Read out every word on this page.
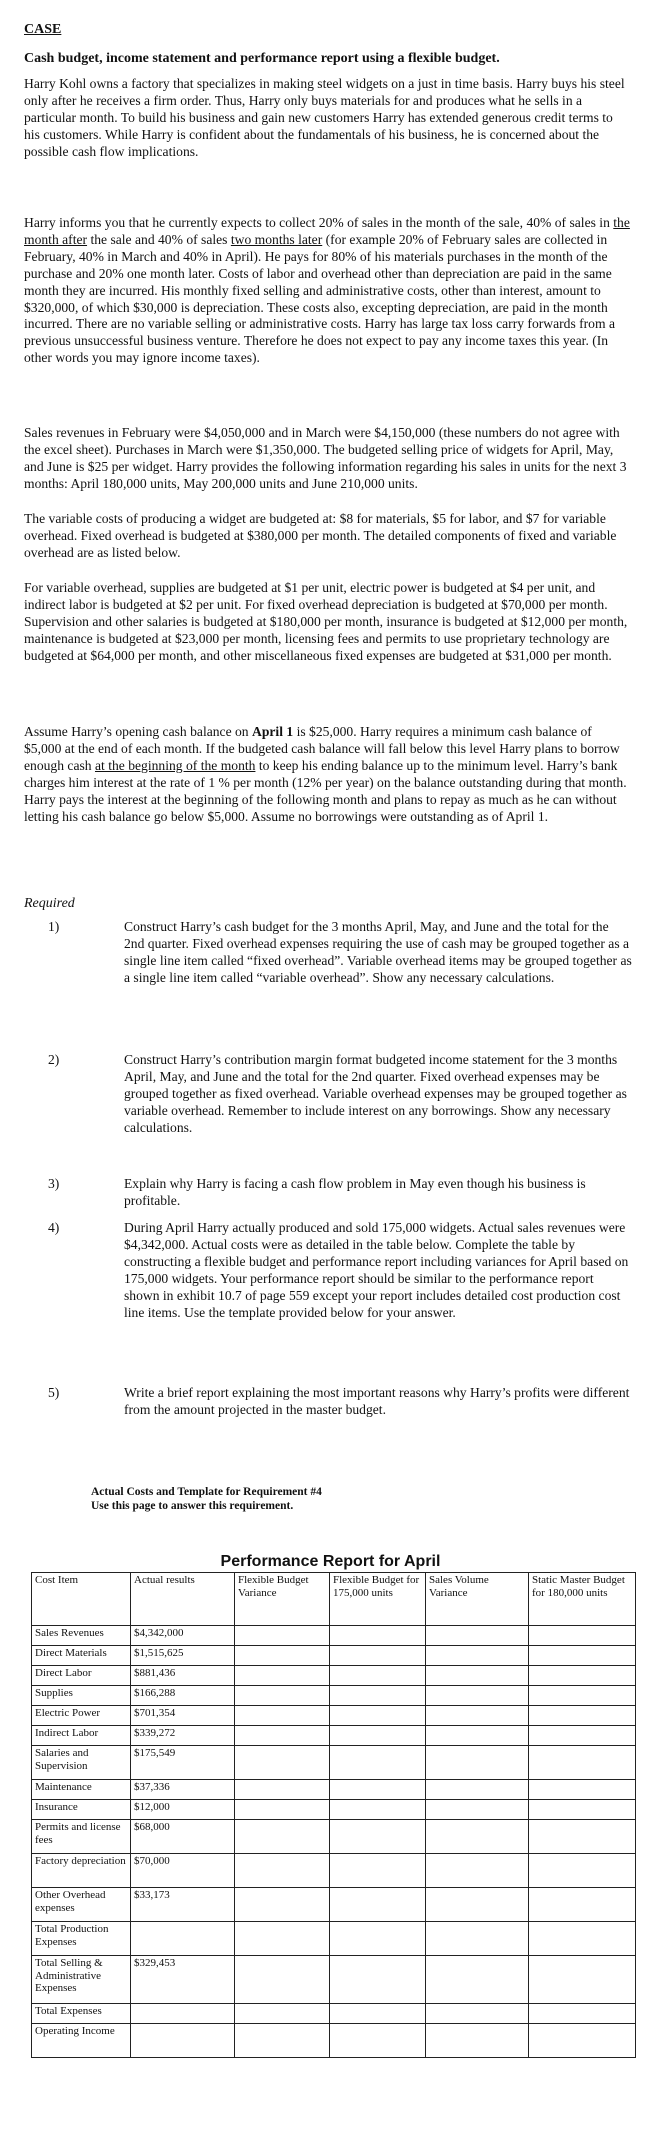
CASE
Cash budget, income statement and performance report using a flexible budget.

Harry Kohl owns a factory that specializes in making steel widgets on a just in time basis. Harry buys his steel only after he receives a firm order. Thus, Harry only buys materials for and produces what he sells in a particular month. To build his business and gain new customers Harry has extended generous credit terms to his customers. While Harry is confident about the fundamentals of his business, he is concerned about the possible cash flow implications.

Harry informs you that he currently expects to collect 20% of sales in the month of the sale, 40% of sales in the month after the sale and 40% of sales two months later (for example 20% of February sales are collected in February, 40% in March and 40% in April). He pays for 80% of his materials purchases in the month of the purchase and 20% one month later. Costs of labor and overhead other than depreciation are paid in the same month they are incurred. His monthly fixed selling and administrative costs, other than interest, amount to $320,000, of which $30,000 is depreciation. These costs also, excepting depreciation, are paid in the month incurred. There are no variable selling or administrative costs. Harry has large tax loss carry forwards from a previous unsuccessful business venture. Therefore he does not expect to pay any income taxes this year. (In other words you may ignore income taxes).

Sales revenues in February were $4,050,000 and in March were $4,150,000 (these numbers do not agree with the excel sheet). Purchases in March were $1,350,000. The budgeted selling price of widgets for April, May, and June is $25 per widget. Harry provides the following information regarding his sales in units for the next 3 months: April 180,000 units, May 200,000 units and June 210,000 units.

The variable costs of producing a widget are budgeted at: $8 for materials, $5 for labor, and $7 for variable overhead. Fixed overhead is budgeted at $380,000 per month. The detailed components of fixed and variable overhead are as listed below.

For variable overhead, supplies are budgeted at $1 per unit, electric power is budgeted at $4 per unit, and indirect labor is budgeted at $2 per unit. For fixed overhead depreciation is budgeted at $70,000 per month. Supervision and other salaries is budgeted at $180,000 per month, insurance is budgeted at $12,000 per month, maintenance is budgeted at $23,000 per month, licensing fees and permits to use proprietary technology are budgeted at $64,000 per month, and other miscellaneous fixed expenses are budgeted at $31,000 per month.

Assume Harry’s opening cash balance on April 1 is $25,000. Harry requires a minimum cash balance of $5,000 at the end of each month. If the budgeted cash balance will fall below this level Harry plans to borrow enough cash at the beginning of the month to keep his ending balance up to the minimum level. Harry’s bank charges him interest at the rate of 1 % per month (12% per year) on the balance outstanding during that month. Harry pays the interest at the beginning of the following month and plans to repay as much as he can without letting his cash balance go below $5,000. Assume no borrowings were outstanding as of April 1.

Required
1)	Construct Harry’s cash budget for the 3 months April, May, and June and the total for the 2nd quarter. Fixed overhead expenses requiring the use of cash may be grouped together as a single line item called “fixed overhead”. Variable overhead items may be grouped together as a single line item called “variable overhead”. Show any necessary calculations.
2)	Construct Harry’s contribution margin format budgeted income statement for the 3 months April, May, and June and the total for the 2nd quarter. Fixed overhead expenses may be grouped together as fixed overhead. Variable overhead expenses may be grouped together as variable overhead. Remember to include interest on any borrowings. Show any necessary calculations.
3)	Explain why Harry is facing a cash flow problem in May even though his business is profitable.
4)	During April Harry actually produced and sold 175,000 widgets. Actual sales revenues were $4,342,000. Actual costs were as detailed in the table below. Complete the table by constructing a flexible budget and performance report including variances for April based on 175,000 widgets. Your performance report should be similar to the performance report shown in exhibit 10.7 of page 559 except your report includes detailed cost production cost line items. Use the template provided below for your answer.
5)	Write a brief report explaining the most important reasons why Harry’s profits were different from the amount projected in the master budget.
Actual Costs and Template for Requirement #4
Use this page to answer this requirement.
Performance Report for April
Cost Item	Actual results	Flexible Budget Variance	Flexible Budget for 175,000 units	Sales Volume Variance	Static Master Budget for 180,000 units
Sales Revenues	$4,342,000				
Direct Materials	$1,515,625				
Direct Labor	$881,436				
Supplies	$166,288				
Electric Power	$701,354				
Indirect Labor	$339,272				
Salaries and Supervision	$175,549				
Maintenance	$37,336				
Insurance	$12,000				
Permits and license fees	$68,000				
Factory depreciation	$70,000				
Other Overhead expenses	$33,173				
Total Production Expenses					
Total Selling & Administrative Expenses	$329,453				
Total Expenses					
Operating Income					
